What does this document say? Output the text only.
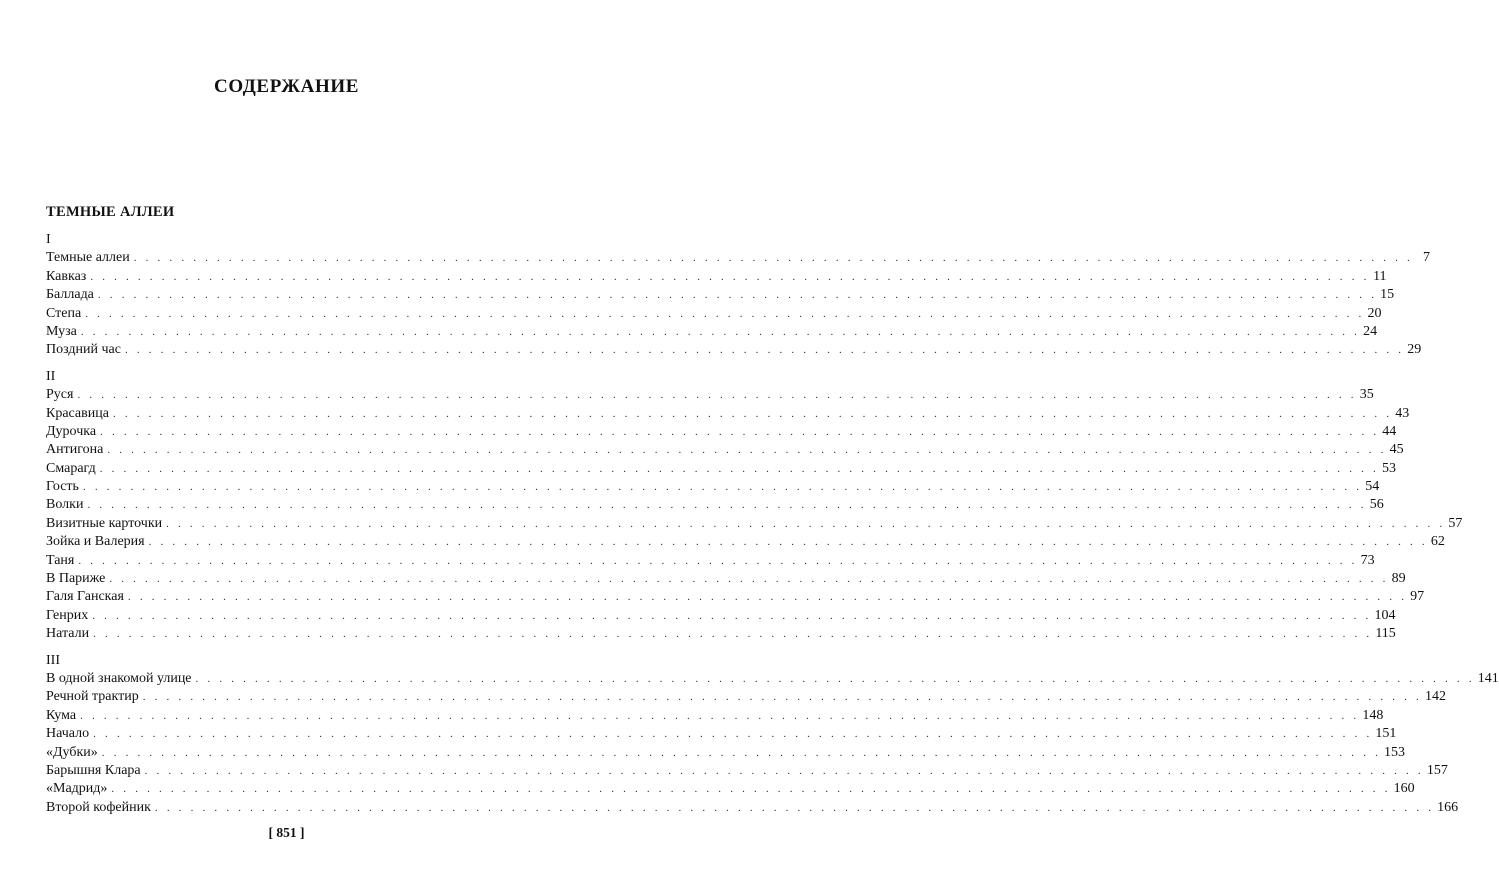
СОДЕРЖАНИЕ
ТЕМНЫЕ АЛЛЕИ
I
Темные аллеи . . . . . . . . . . . . . . . . . . . . . . . . . . . . . . . . . . . . . . . . . . . . . . . . . . . . . . . . . . . . . . . . . . . . . . . . . . . . . . . . . . . . . . . . . . . . . . . . . . . . . . . . . . . . 7
Кавказ . . . . . . . . . . . . . . . . . . . . . . . . . . . . . . . . . . . . . . . . . . . . . . . . . . . . . . . . . . . . . . . . . . . . . . . . . . . . . . . . . . . . . . . . . . . . . . . . . . . . . . . . . . . . 11
Баллада . . . . . . . . . . . . . . . . . . . . . . . . . . . . . . . . . . . . . . . . . . . . . . . . . . . . . . . . . . . . . . . . . . . . . . . . . . . . . . . . . . . . . . . . . . . . . . . . . . . . . . . . . . . . 15
Степа . . . . . . . . . . . . . . . . . . . . . . . . . . . . . . . . . . . . . . . . . . . . . . . . . . . . . . . . . . . . . . . . . . . . . . . . . . . . . . . . . . . . . . . . . . . . . . . . . . . . . . . . . . . . 20
Муза . . . . . . . . . . . . . . . . . . . . . . . . . . . . . . . . . . . . . . . . . . . . . . . . . . . . . . . . . . . . . . . . . . . . . . . . . . . . . . . . . . . . . . . . . . . . . . . . . . . . . . . . . . . . 24
Поздний час . . . . . . . . . . . . . . . . . . . . . . . . . . . . . . . . . . . . . . . . . . . . . . . . . . . . . . . . . . . . . . . . . . . . . . . . . . . . . . . . . . . . . . . . . . . . . . . . . . . . . . . . . . . . 29
II
Руся . . . . . . . . . . . . . . . . . . . . . . . . . . . . . . . . . . . . . . . . . . . . . . . . . . . . . . . . . . . . . . . . . . . . . . . . . . . . . . . . . . . . . . . . . . . . . . . . . . . . . . . . . . . . 35
Красавица . . . . . . . . . . . . . . . . . . . . . . . . . . . . . . . . . . . . . . . . . . . . . . . . . . . . . . . . . . . . . . . . . . . . . . . . . . . . . . . . . . . . . . . . . . . . . . . . . . . . . . . . . . . . 43
Дурочка . . . . . . . . . . . . . . . . . . . . . . . . . . . . . . . . . . . . . . . . . . . . . . . . . . . . . . . . . . . . . . . . . . . . . . . . . . . . . . . . . . . . . . . . . . . . . . . . . . . . . . . . . . . . 44
Антигона . . . . . . . . . . . . . . . . . . . . . . . . . . . . . . . . . . . . . . . . . . . . . . . . . . . . . . . . . . . . . . . . . . . . . . . . . . . . . . . . . . . . . . . . . . . . . . . . . . . . . . . . . . . . 45
Смарагд . . . . . . . . . . . . . . . . . . . . . . . . . . . . . . . . . . . . . . . . . . . . . . . . . . . . . . . . . . . . . . . . . . . . . . . . . . . . . . . . . . . . . . . . . . . . . . . . . . . . . . . . . . . . 53
Гость . . . . . . . . . . . . . . . . . . . . . . . . . . . . . . . . . . . . . . . . . . . . . . . . . . . . . . . . . . . . . . . . . . . . . . . . . . . . . . . . . . . . . . . . . . . . . . . . . . . . . . . . . . . . 54
Волки . . . . . . . . . . . . . . . . . . . . . . . . . . . . . . . . . . . . . . . . . . . . . . . . . . . . . . . . . . . . . . . . . . . . . . . . . . . . . . . . . . . . . . . . . . . . . . . . . . . . . . . . . . . . 56
Визитные карточки . . . . . . . . . . . . . . . . . . . . . . . . . . . . . . . . . . . . . . . . . . . . . . . . . . . . . . . . . . . . . . . . . . . . . . . . . . . . . . . . . . . . . . . . . . . . . . . . . . . . . . . . . . . . 57
Зойка и Валерия . . . . . . . . . . . . . . . . . . . . . . . . . . . . . . . . . . . . . . . . . . . . . . . . . . . . . . . . . . . . . . . . . . . . . . . . . . . . . . . . . . . . . . . . . . . . . . . . . . . . . . . . . . . . 62
Таня . . . . . . . . . . . . . . . . . . . . . . . . . . . . . . . . . . . . . . . . . . . . . . . . . . . . . . . . . . . . . . . . . . . . . . . . . . . . . . . . . . . . . . . . . . . . . . . . . . . . . . . . . . . . 73
В Париже . . . . . . . . . . . . . . . . . . . . . . . . . . . . . . . . . . . . . . . . . . . . . . . . . . . . . . . . . . . . . . . . . . . . . . . . . . . . . . . . . . . . . . . . . . . . . . . . . . . . . . . . . . . . 89
Галя Ганская . . . . . . . . . . . . . . . . . . . . . . . . . . . . . . . . . . . . . . . . . . . . . . . . . . . . . . . . . . . . . . . . . . . . . . . . . . . . . . . . . . . . . . . . . . . . . . . . . . . . . . . . . . . . 97
Генрих . . . . . . . . . . . . . . . . . . . . . . . . . . . . . . . . . . . . . . . . . . . . . . . . . . . . . . . . . . . . . . . . . . . . . . . . . . . . . . . . . . . . . . . . . . . . . . . . . . . . . . . . . . . . 104
Натали . . . . . . . . . . . . . . . . . . . . . . . . . . . . . . . . . . . . . . . . . . . . . . . . . . . . . . . . . . . . . . . . . . . . . . . . . . . . . . . . . . . . . . . . . . . . . . . . . . . . . . . . . . . . 115
III
В одной знакомой улице . . . . . . . . . . . . . . . . . . . . . . . . . . . . . . . . . . . . . . . . . . . . . . . . . . . . . . . . . . . . . . . . . . . . . . . . . . . . . . . . . . . . . . . . . . . . . . . . . . . . . . . . . . . . 141
Речной трактир . . . . . . . . . . . . . . . . . . . . . . . . . . . . . . . . . . . . . . . . . . . . . . . . . . . . . . . . . . . . . . . . . . . . . . . . . . . . . . . . . . . . . . . . . . . . . . . . . . . . . . . . . . . . 142
Кума . . . . . . . . . . . . . . . . . . . . . . . . . . . . . . . . . . . . . . . . . . . . . . . . . . . . . . . . . . . . . . . . . . . . . . . . . . . . . . . . . . . . . . . . . . . . . . . . . . . . . . . . . . . . 148
Начало . . . . . . . . . . . . . . . . . . . . . . . . . . . . . . . . . . . . . . . . . . . . . . . . . . . . . . . . . . . . . . . . . . . . . . . . . . . . . . . . . . . . . . . . . . . . . . . . . . . . . . . . . . . . 151
«Дубки» . . . . . . . . . . . . . . . . . . . . . . . . . . . . . . . . . . . . . . . . . . . . . . . . . . . . . . . . . . . . . . . . . . . . . . . . . . . . . . . . . . . . . . . . . . . . . . . . . . . . . . . . . . . . 153
Барышня Клара . . . . . . . . . . . . . . . . . . . . . . . . . . . . . . . . . . . . . . . . . . . . . . . . . . . . . . . . . . . . . . . . . . . . . . . . . . . . . . . . . . . . . . . . . . . . . . . . . . . . . . . . . . . . 157
«Мадрид» . . . . . . . . . . . . . . . . . . . . . . . . . . . . . . . . . . . . . . . . . . . . . . . . . . . . . . . . . . . . . . . . . . . . . . . . . . . . . . . . . . . . . . . . . . . . . . . . . . . . . . . . . . . . 160
Второй кофейник . . . . . . . . . . . . . . . . . . . . . . . . . . . . . . . . . . . . . . . . . . . . . . . . . . . . . . . . . . . . . . . . . . . . . . . . . . . . . . . . . . . . . . . . . . . . . . . . . . . . . . . . . . . . 166
[ 851 ]
